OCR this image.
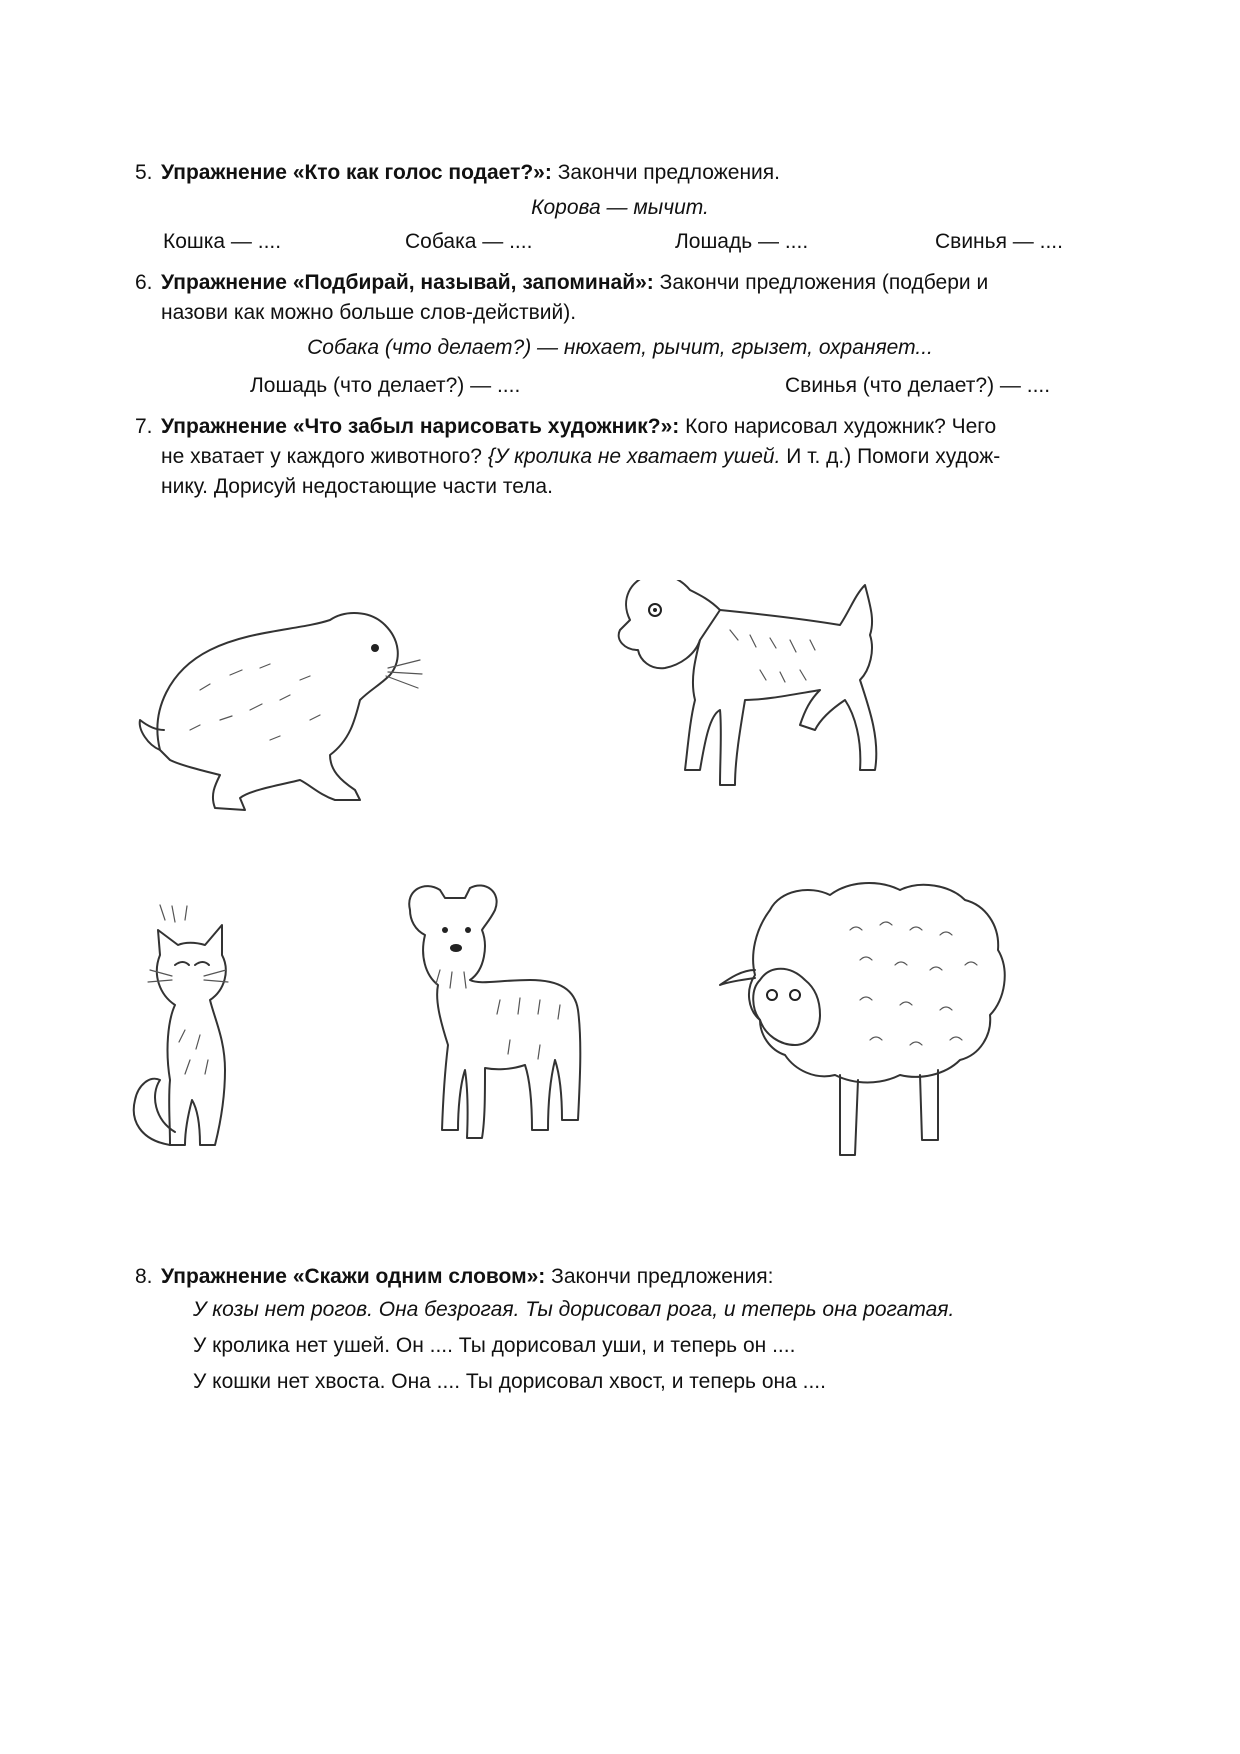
5. Упражнение «Кто как голос подает?»: Закончи предложения.

Корова — мычит.
Кошка — ....	Собака — ....	Лошадь — ....	Свинья — ....
6. Упражнение «Подбирай, называй, запоминай»: Закончи предложения (подбери и
назови как можно больше слов-действий).

Собака (что делает?) — нюхает, рычит, грызет, охраняет...
Лошадь (что делает?) — ....	Свинья (что делает?) — ....
7. Упражнение «Что забыл нарисовать художник?»: Кого нарисовал художник? Чего
не хватает у каждого животного? {У кролика не хватает ушей. И т. д.) Помоги худож-
нику. Дорисуй недостающие части тела.

8. Упражнение «Скажи одним словом»: Закончи предложения:

У козы нет рогов. Она безрогая. Ты дорисовал рога, и теперь она рогатая.
У кролика нет ушей. Он .... Ты дорисовал уши, и теперь он ....
У кошки нет хвоста. Она .... Ты дорисовал хвост, и теперь она ....
